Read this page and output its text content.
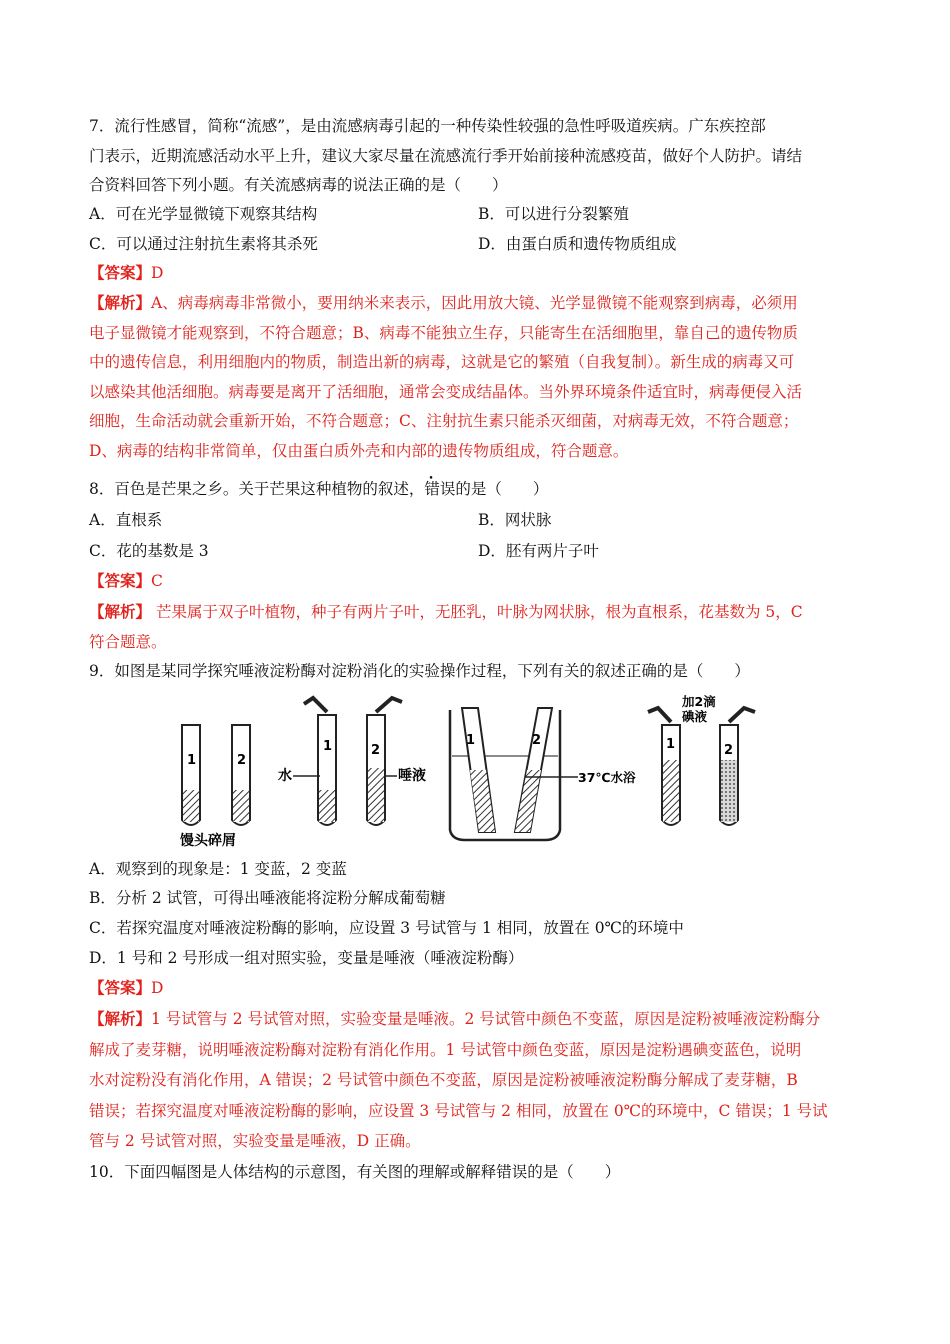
7．流行性感冒，简称“流感”，是由流感病毒引起的一种传染性较强的急性呼吸道疾病。广东疾控部
门表示，近期流感活动水平上升，建议大家尽量在流感流行季开始前接种流感疫苗，做好个人防护。请结
合资料回答下列小题。有关流感病毒的说法正确的是（　　）
A．可在光学显微镜下观察其结构	B．可以进行分裂繁殖
C．可以通过注射抗生素将其杀死	D．由蛋白质和遗传物质组成
【答案】D
【解析】A、病毒病毒非常微小，要用纳米来表示，因此用放大镜、光学显微镜不能观察到病毒，必须用
电子显微镜才能观察到，不符合题意；B、病毒不能独立生存，只能寄生在活细胞里，靠自己的遗传物质
中的遗传信息，利用细胞内的物质，制造出新的病毒，这就是它的繁殖（自我复制）。新生成的病毒又可
以感染其他活细胞。病毒要是离开了活细胞，通常会变成结晶体。当外界环境条件适宜时，病毒便侵入活
细胞，生命活动就会重新开始，不符合题意；C、注射抗生素只能杀灭细菌，对病毒无效，不符合题意；
D、病毒的结构非常简单，仅由蛋白质外壳和内部的遗传物质组成，符合题意。
8．百色是芒果之乡。关于芒果这种植物的叙述，错误的是（　　）
A．直根系	B．网状脉
C．花的基数是 3	D．胚有两片子叶
【答案】C
【解析】 芒果属于双子叶植物，种子有两片子叶，无胚乳，叶脉为网状脉，根为直根系，花基数为 5，C
符合题意。
9．如图是某同学探究唾液淀粉酶对淀粉消化的实验操作过程，下列有关的叙述正确的是（　　）
1	2
馒头碎屑
1	2
水	唾液
1	2
37℃水浴
1	2
加2滴
碘液
A．观察到的现象是：1 变蓝，2 变蓝
B．分析 2 试管，可得出唾液能将淀粉分解成葡萄糖
C．若探究温度对唾液淀粉酶的影响，应设置 3 号试管与 1 相同，放置在 0℃的环境中
D．1 号和 2 号形成一组对照实验，变量是唾液（唾液淀粉酶）
【答案】D
【解析】1 号试管与 2 号试管对照，实验变量是唾液。2 号试管中颜色不变蓝，原因是淀粉被唾液淀粉酶分
解成了麦芽糖，说明唾液淀粉酶对淀粉有消化作用。1 号试管中颜色变蓝，原因是淀粉遇碘变蓝色，说明
水对淀粉没有消化作用，A 错误；2 号试管中颜色不变蓝，原因是淀粉被唾液淀粉酶分解成了麦芽糖，B
错误；若探究温度对唾液淀粉酶的影响，应设置 3 号试管与 2 相同，放置在 0℃的环境中，C 错误；1 号试
管与 2 号试管对照，实验变量是唾液，D 正确。
10．下面四幅图是人体结构的示意图，有关图的理解或解释错误的是（　　）
